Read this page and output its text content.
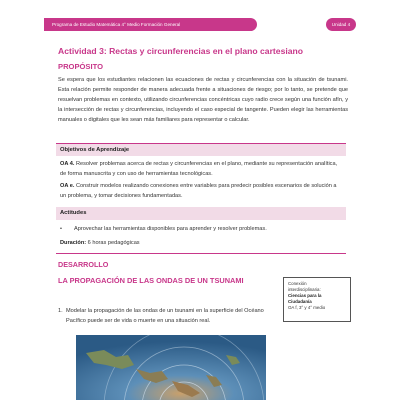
Programa de Estudio Matemática 4° Medio Formación General	Unidad 4
Actividad 3: Rectas y circunferencias en el plano cartesiano
PROPÓSITO
Se espera que los estudiantes relacionen las ecuaciones de rectas y circunferencias con la situación de tsunami. Esta relación permite responder de manera adecuada frente a situaciones de riesgo; por lo tanto, se pretende que resuelvan problemas en contexto, utilizando circunferencias concéntricas cuyo radio crece según una función afín, y la intersección de rectas y circunferencias, incluyendo el caso especial de tangente. Pueden elegir las herramientas manuales o digitales que les sean más familiares para representar o calcular.
Objetivos de Aprendizaje
OA 4. Resolver problemas acerca de rectas y circunferencias en el plano, mediante su representación analítica, de forma manuscrita y con uso de herramientas tecnológicas.
OA e. Construir modelos realizando conexiones entre variables para predecir posibles escenarios de solución a un problema, y tomar decisiones fundamentadas.
Actitudes
• Aprovechar las herramientas disponibles para aprender y resolver problemas.
Duración: 6 horas pedagógicas
DESARROLLO
LA PROPAGACIÓN DE LAS ONDAS DE UN TSUNAMI	Conexión
interdisciplinaria:
Ciencias para la
Ciudadanía
OA f, 3° y 4° medio
1. Modelar la propagación de las ondas de un tsunami en la superficie del Océano Pacífico puede ser de vida o muerte en una situación real.
